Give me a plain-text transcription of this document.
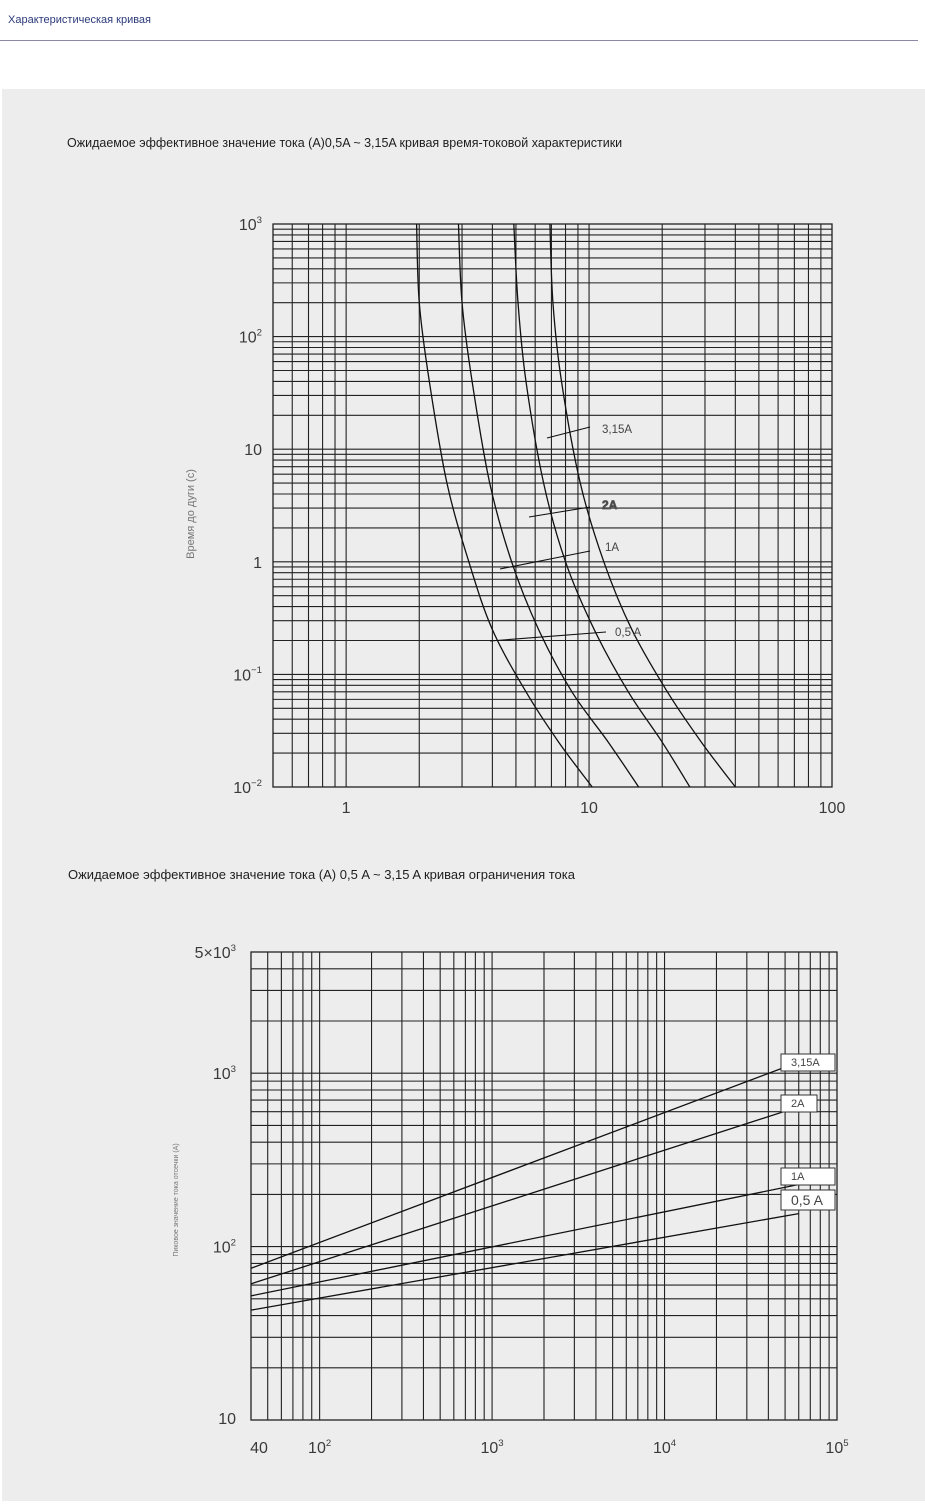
Характеристическая кривая
Ожидаемое эффективное значение тока (A)0,5A ~ 3,15A кривая время-токовой характеристики
Ожидаемое эффективное значение тока (A) 0,5 A ~ 3,15 A кривая ограничения тока
1	10	100
$10^3$
$10^2$
10
1
$10^{-1}$
$10^{-2}$
Время до дуги (с)
3,15A
2A
1A
0,5 A
40	$10^2$	$10^3$	$10^4$	$10^5$
$5\times 10^3$
$10^3$
$10^2$
10
Пиковое значение тока отсечки (А)
3,15A
2A
1A
0,5 A
